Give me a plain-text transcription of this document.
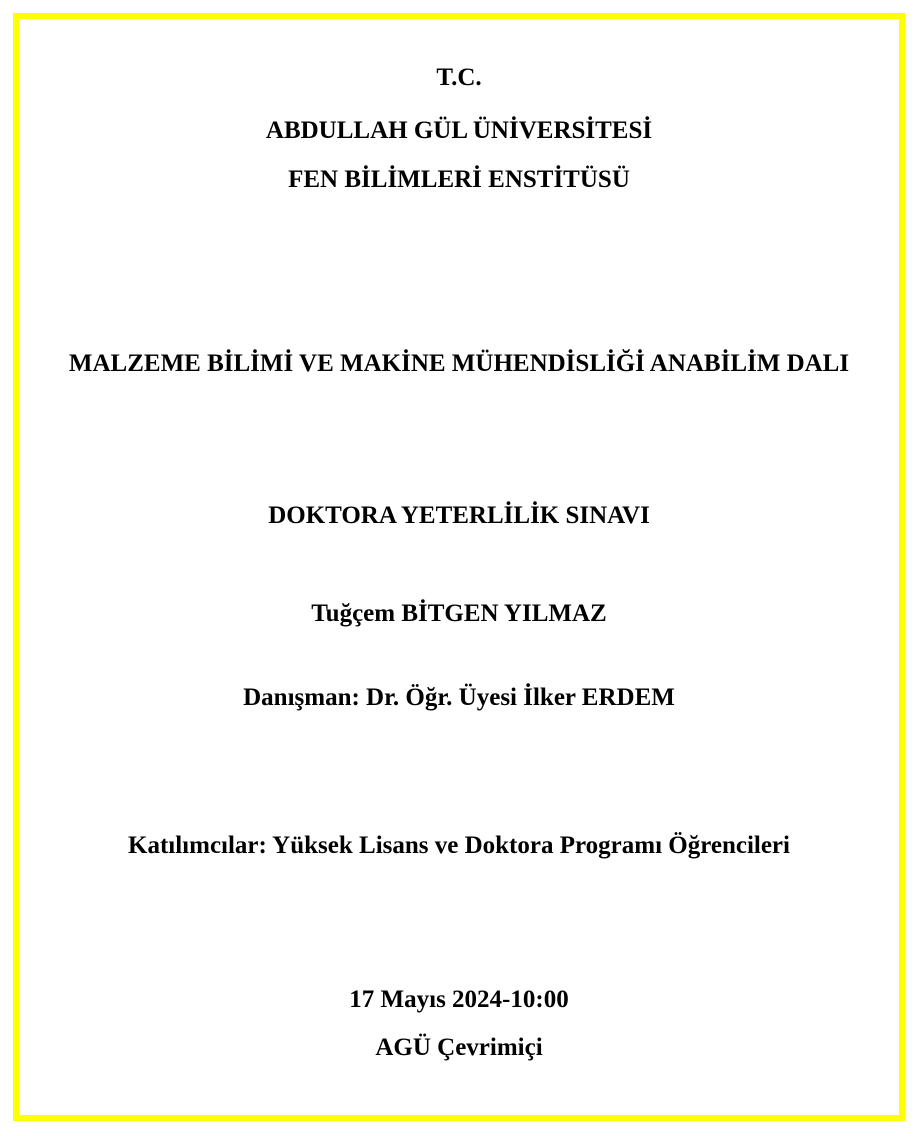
T.C.
ABDULLAH GÜL ÜNİVERSİTESİ
FEN BİLİMLERİ ENSTİTÜSÜ
MALZEME BİLİMİ VE MAKİNE MÜHENDİSLİĞİ ANABİLİM DALI
DOKTORA YETERLİLİK SINAVI
Tuğçem BİTGEN YILMAZ
Danışman: Dr. Öğr. Üyesi İlker ERDEM
Katılımcılar: Yüksek Lisans ve Doktora Programı Öğrencileri
17 Mayıs 2024-10:00
AGÜ Çevrimiçi
